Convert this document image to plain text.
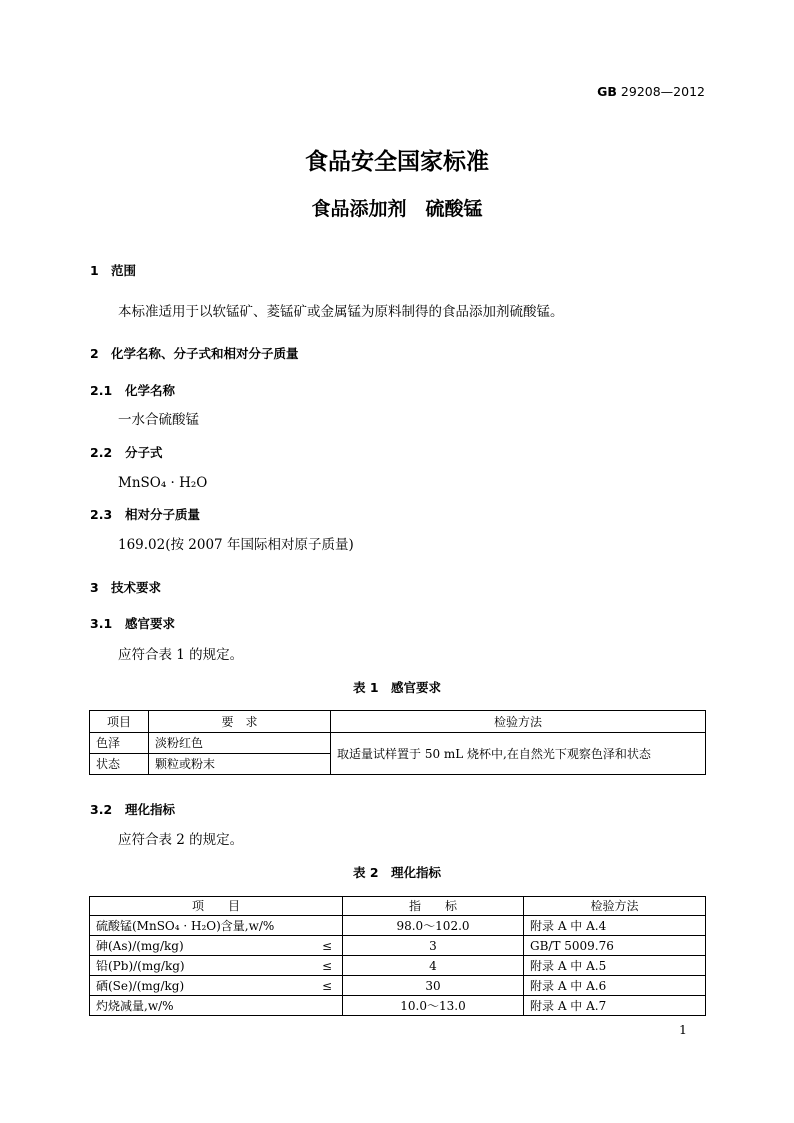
GB 29208—2012
食品安全国家标准
食品添加剂　硫酸锰
1 范围
本标准适用于以软锰矿、菱锰矿或金属锰为原料制得的食品添加剂硫酸锰。
2 化学名称、分子式和相对分子质量
2.1 化学名称
一水合硫酸锰
2.2 分子式
MnSO₄ · H₂O
2.3 相对分子质量
169.02(按 2007 年国际相对原子质量)
3 技术要求
3.1 感官要求
应符合表 1 的规定。
表 1　感官要求
项目	要　求	检验方法
色泽	淡粉红色	取适量试样置于 50 mL 烧杯中,在自然光下观察色泽和状态
状态	颗粒或粉末	
3.2 理化指标
应符合表 2 的规定。
表 2　理化指标
项　　目	指　　标	检验方法
硫酸锰(MnSO₄ · H₂O)含量,w/%	98.0～102.0	附录 A 中 A.4
砷(As)/(mg/kg) ≤	3	GB/T 5009.76
铅(Pb)/(mg/kg) ≤	4	附录 A 中 A.5
硒(Se)/(mg/kg) ≤	30	附录 A 中 A.6
灼烧减量,w/%	10.0～13.0	附录 A 中 A.7
1
